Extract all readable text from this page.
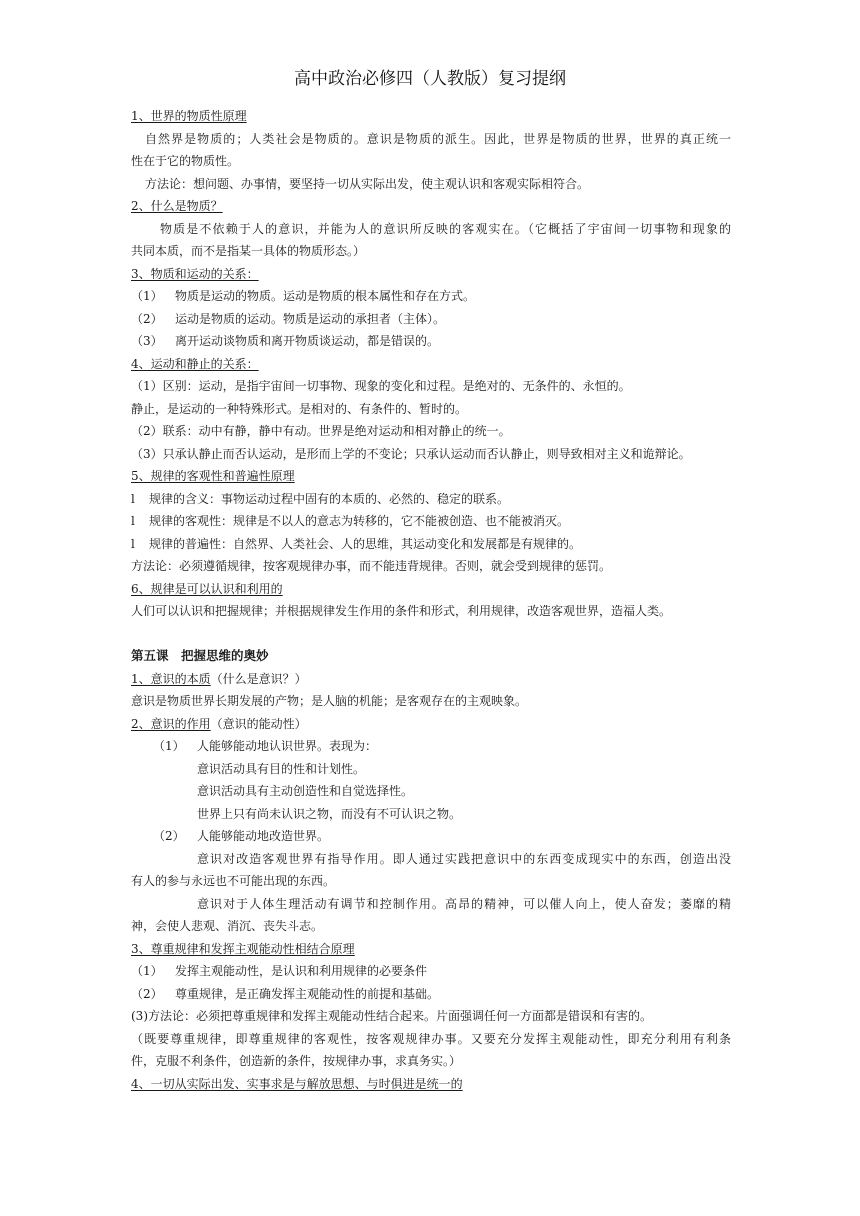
高中政治必修四（人教版）复习提纲
1、世界的物质性原理
自然界是物质的；人类社会是物质的。意识是物质的派生。因此，世界是物质的世界，世界的真正统一
性在于它的物质性。
方法论：想问题、办事情，要坚持一切从实际出发，使主观认识和客观实际相符合。
2、什么是物质？
物质是不依赖于人的意识，并能为人的意识所反映的客观实在。（它概括了宇宙间一切事物和现象的
共同本质，而不是指某一具体的物质形态。）
3、物质和运动的关系：
（1） 物质是运动的物质。运动是物质的根本属性和存在方式。
（2） 运动是物质的运动。物质是运动的承担者（主体）。
（3） 离开运动谈物质和离开物质谈运动，都是错误的。
4、运动和静止的关系：
（1）区别：运动，是指宇宙间一切事物、现象的变化和过程。是绝对的、无条件的、永恒的。
静止，是运动的一种特殊形式。是相对的、有条件的、暂时的。
（2）联系：动中有静，静中有动。世界是绝对运动和相对静止的统一。
（3）只承认静止而否认运动，是形而上学的不变论；只承认运动而否认静止，则导致相对主义和诡辩论。
5、规律的客观性和普遍性原理
l 规律的含义：事物运动过程中固有的本质的、必然的、稳定的联系。
l 规律的客观性：规律是不以人的意志为转移的，它不能被创造、也不能被消灭。
l 规律的普遍性：自然界、人类社会、人的思维，其运动变化和发展都是有规律的。
方法论：必须遵循规律，按客观规律办事，而不能违背规律。否则，就会受到规律的惩罚。
6、规律是可以认识和利用的
人们可以认识和把握规律；并根据规律发生作用的条件和形式，利用规律，改造客观世界，造福人类。
第五课　把握思维的奥妙
1、意识的本质（什么是意识？）
意识是物质世界长期发展的产物；是人脑的机能；是客观存在的主观映象。
2、意识的作用（意识的能动性）
（1） 人能够能动地认识世界。表现为：
意识活动具有目的性和计划性。
意识活动具有主动创造性和自觉选择性。
世界上只有尚未认识之物，而没有不可认识之物。
（2） 人能够能动地改造世界。
意识对改造客观世界有指导作用。即人通过实践把意识中的东西变成现实中的东西，创造出没
有人的参与永远也不可能出现的东西。
意识对于人体生理活动有调节和控制作用。高昂的精神，可以催人向上，使人奋发；萎靡的精
神，会使人悲观、消沉、丧失斗志。
3、尊重规律和发挥主观能动性相结合原理
（1） 发挥主观能动性，是认识和利用规律的必要条件
（2） 尊重规律，是正确发挥主观能动性的前提和基础。
(3)方法论：必须把尊重规律和发挥主观能动性结合起来。片面强调任何一方面都是错误和有害的。
（既要尊重规律，即尊重规律的客观性，按客观规律办事。又要充分发挥主观能动性，即充分利用有利条
件，克服不利条件，创造新的条件，按规律办事，求真务实。）
4、一切从实际出发、实事求是与解放思想、与时俱进是统一的
